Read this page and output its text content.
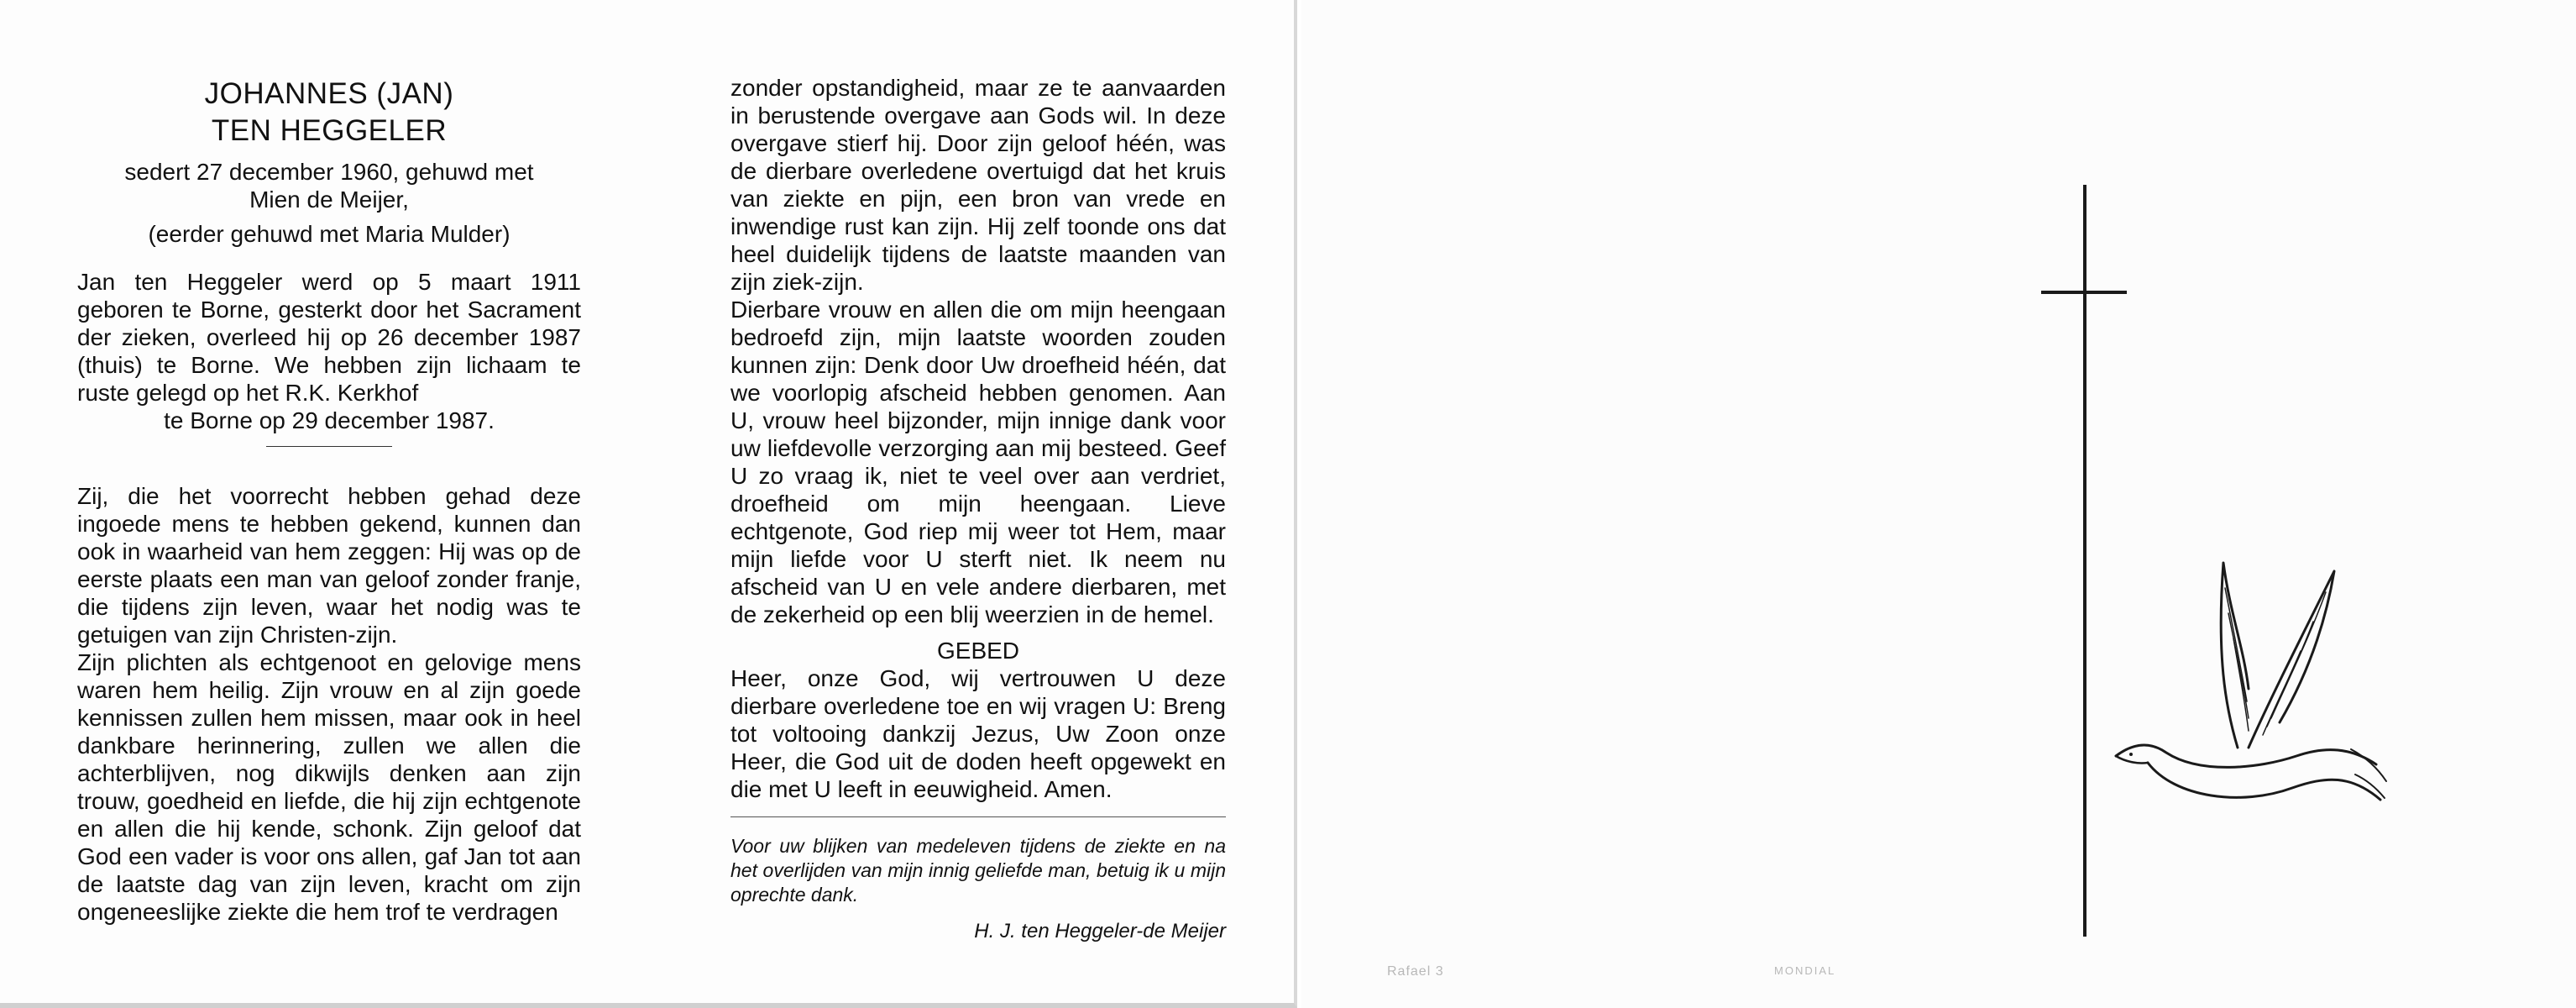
JOHANNES (JAN)
TEN HEGGELER
sedert 27 december 1960, gehuwd met
Mien de Meijer,
(eerder gehuwd met Maria Mulder)

Jan ten Heggeler werd op 5 maart 1911 geboren te Borne, gesterkt door het Sacrament der zieken, overleed hij op 26 december 1987 (thuis) te Borne. We hebben zijn lichaam te ruste gelegd op het R.K. Kerkhof

te Borne op 29 december 1987.

Zij, die het voorrecht hebben gehad deze ingoede mens te hebben gekend, kunnen dan ook in waarheid van hem zeggen: Hij was op de eerste plaats een man van geloof zonder franje, die tijdens zijn leven, waar het nodig was te getuigen van zijn Christen-zijn.

Zijn plichten als echtgenoot en gelovige mens waren hem heilig. Zijn vrouw en al zijn goede kennissen zullen hem missen, maar ook in heel dankbare herinnering, zullen we allen die achterblijven, nog dikwijls denken aan zijn trouw, goedheid en liefde, die hij zijn echtgenote en allen die hij kende, schonk. Zijn geloof dat God een vader is voor ons allen, gaf Jan tot aan de laatste dag van zijn leven, kracht om zijn ongeneeslijke ziekte die hem trof te verdragen

zonder opstandigheid, maar ze te aanvaarden in berustende overgave aan Gods wil. In deze overgave stierf hij. Door zijn geloof héén, was de dierbare overledene overtuigd dat het kruis van ziekte en pijn, een bron van vrede en inwendige rust kan zijn. Hij zelf toonde ons dat heel duidelijk tijdens de laatste maanden van zijn ziek-zijn.

Dierbare vrouw en allen die om mijn heengaan bedroefd zijn, mijn laatste woorden zouden kunnen zijn: Denk door Uw droefheid héén, dat we voorlopig afscheid hebben genomen. Aan U, vrouw heel bijzonder, mijn innige dank voor uw liefdevolle verzorging aan mij besteed. Geef U zo vraag ik, niet te veel over aan verdriet, droefheid om mijn heengaan. Lieve echtgenote, God riep mij weer tot Hem, maar mijn liefde voor U sterft niet. Ik neem nu afscheid van U en vele andere dierbaren, met de zekerheid op een blij weerzien in de hemel.

GEBED

Heer, onze God, wij vertrouwen U deze dierbare overledene toe en wij vragen U: Breng tot voltooing dankzij Jezus, Uw Zoon onze Heer, die God uit de doden heeft opgewekt en die met U leeft in eeuwigheid. Amen.

Voor uw blijken van medeleven tijdens de ziekte en na het overlijden van mijn innig geliefde man, betuig ik u mijn oprechte dank.
H. J. ten Heggeler-de Meijer
Rafael 3	MONDIAL
